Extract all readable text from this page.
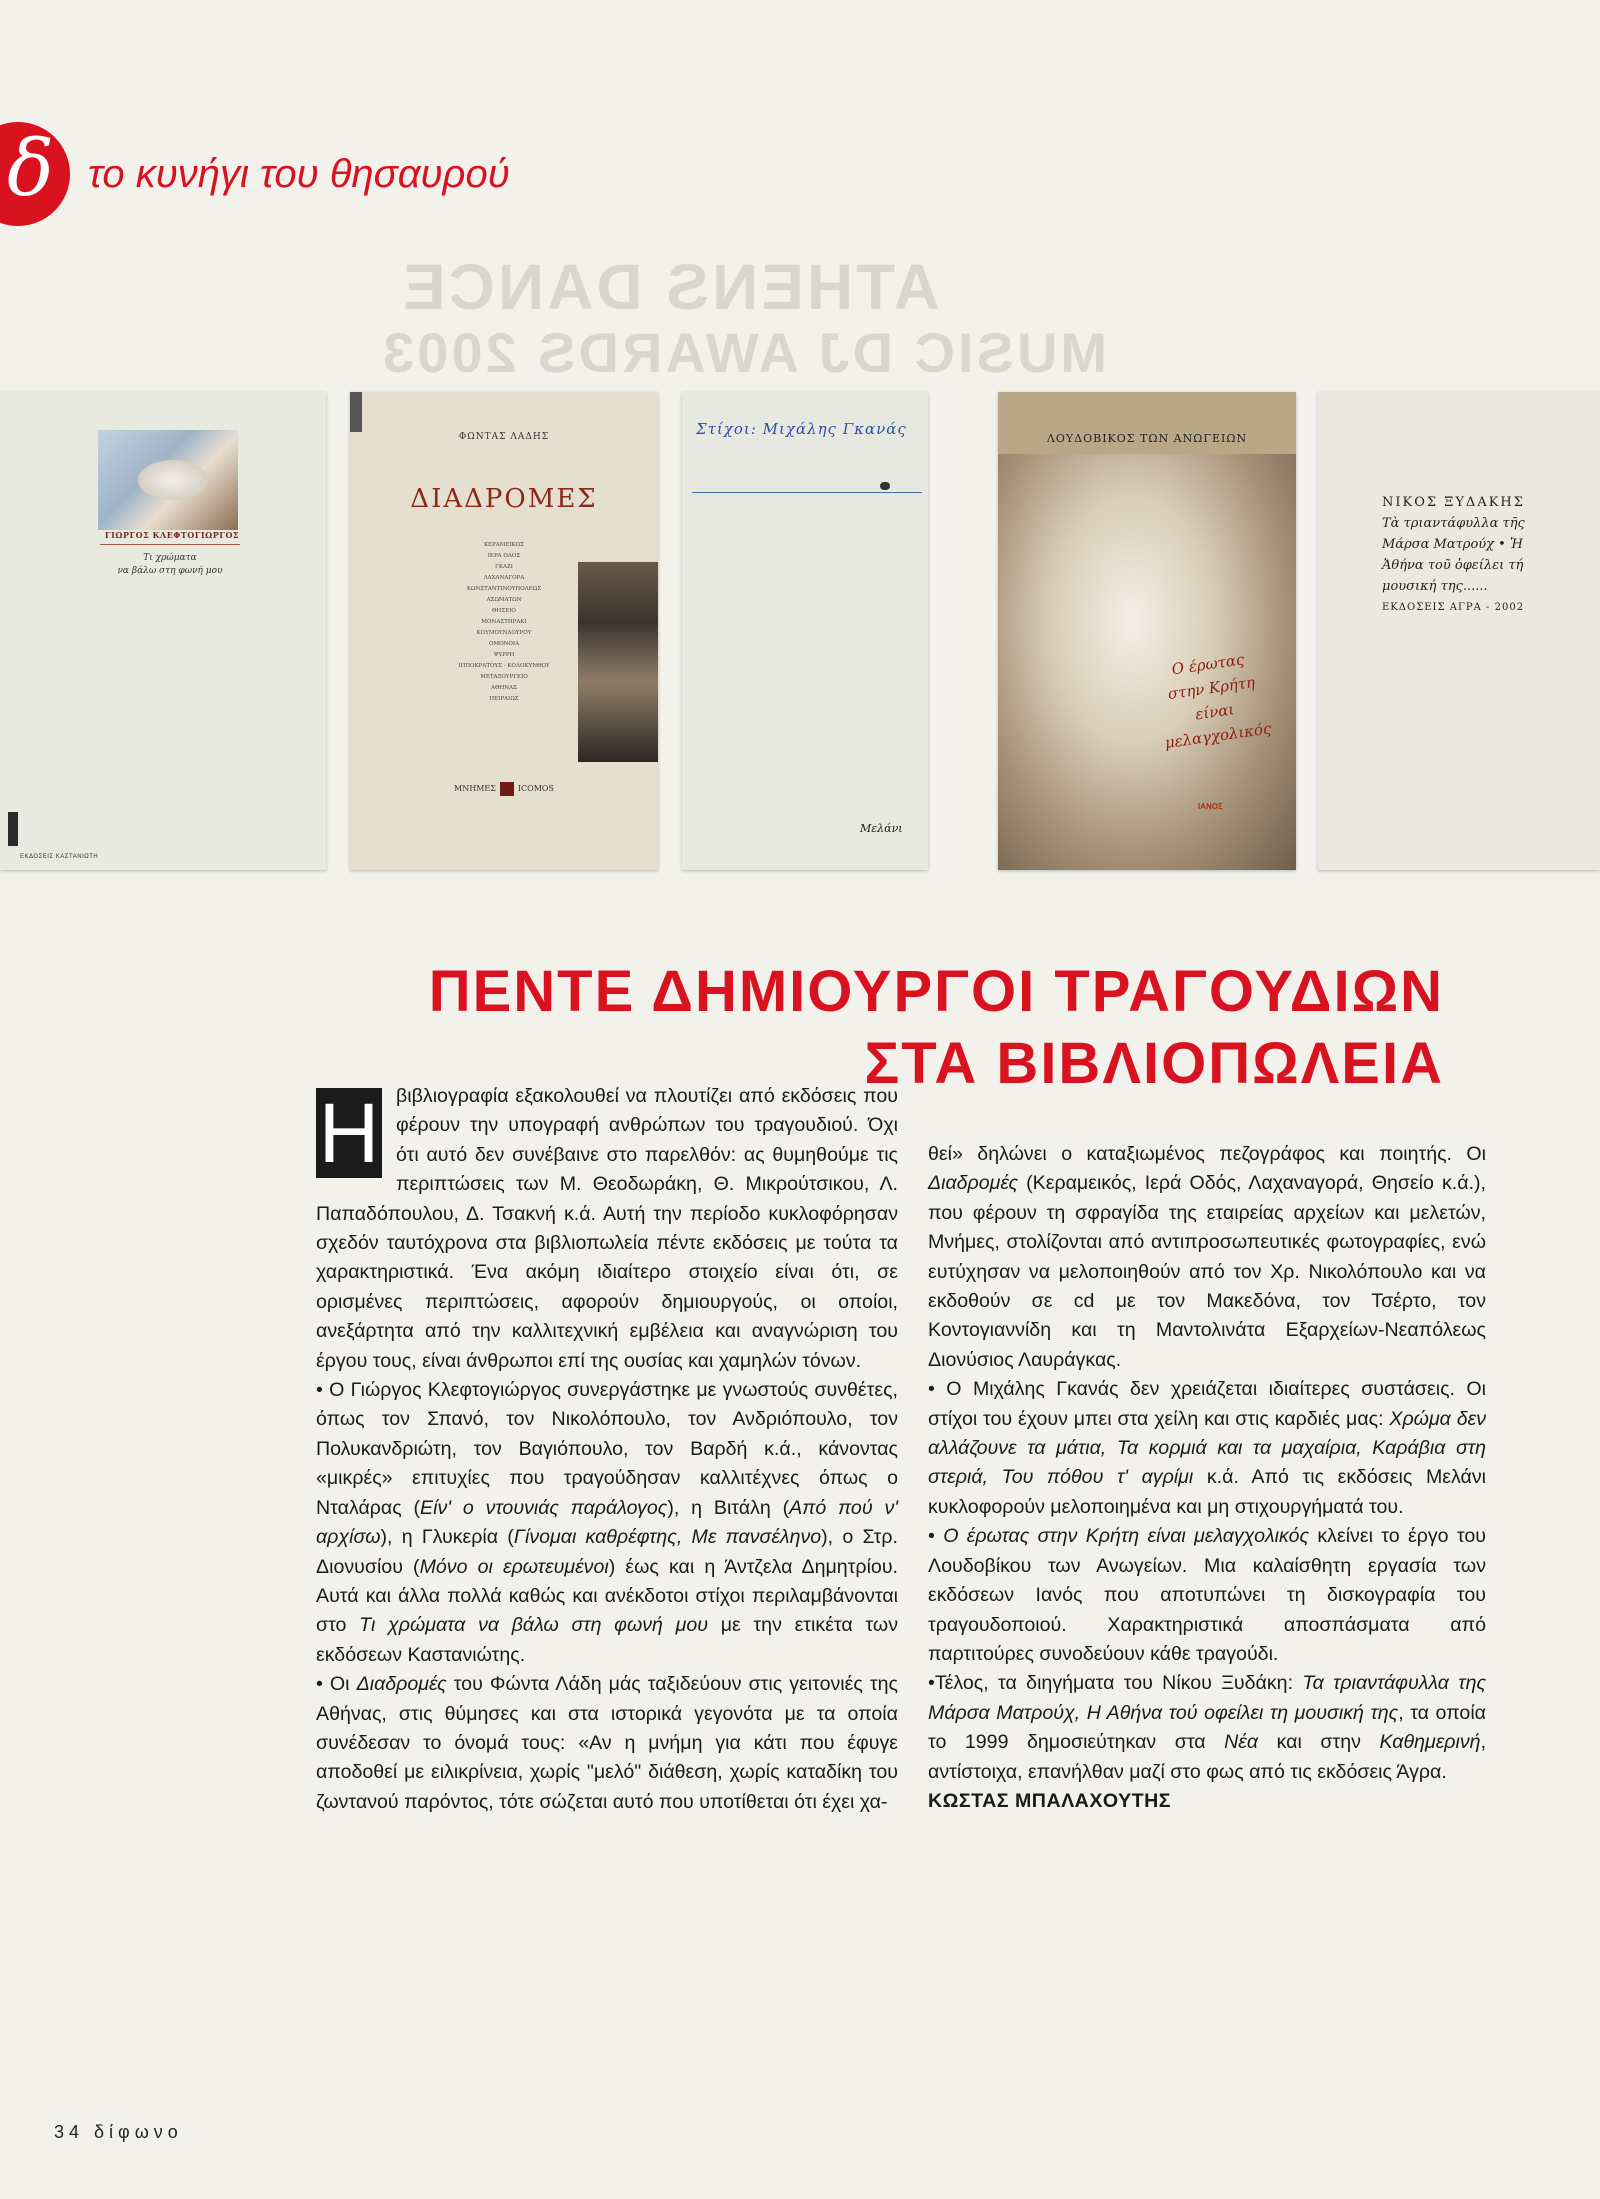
ATHENS DANCE
MUSIC DJ AWARDS 2003
δ το κυνήγι του θησαυρού
ΓΙΩΡΓΟΣ ΚΛΕΦΤΟΓΙΩΡΓΟΣ
Τι χρώματα
να βάλω στη φωνή μου
ΕΚΔΟΣΕΙΣ ΚΑΣΤΑΝΙΩΤΗ
ΦΩΝΤΑΣ ΛΑΔΗΣ
ΔΙΑΔΡΟΜΕΣ
ΚΕΡΑΜΕΙΚΟΣ
ΙΕΡΑ ΟΔΟΣ
ΓΚΑΖΙ
ΛΑΧΑΝΑΓΟΡΑ
ΚΩΝΣΤΑΝΤΙΝΟΥΠΟΛΕΩΣ
ΑΣΩΜΑΤΩΝ
ΘΗΣΕΙΟ
ΜΟΝΑΣΤΗΡΑΚΙ
ΚΟΥΜΟΥΝΔΟΥΡΟΥ
ΟΜΟΝΟΙΑ
ΨΥΡΡΗ
ΙΠΠΟΚΡΑΤΟΥΣ - ΚΟΛΟΚΥΝΘΟΥ
ΜΕΤΑΞΟΥΡΓΕΙΟ
ΑΘΗΝΑΣ
ΠΕΙΡΑΙΩΣ
ΜΝΗΜΕΣ	ICOMOS
Στίχοι: Μιχάλης Γκανάς
Μελάνι
ΛΟΥΔΟΒΙΚΟΣ ΤΩΝ ΑΝΩΓΕΙΩΝ
Ο έρωτας
στην Κρήτη
είναι μελαγχολικός
ΙΑΝΟΣ
ΝΙΚΟΣ ΞΥΔΑΚΗΣ
Τὰ τριαντάφυλλα τῆς
Μάρσα Ματρούχ • Ἡ
Ἀθήνα τοῦ ὀφείλει τή
μουσική της......
ΕΚΔΟΣΕΙΣ ΑΓΡΑ - 2002
ΠΕΝΤΕ ΔΗΜΙΟΥΡΓΟΙ ΤΡΑΓΟΥΔΙΩΝ
ΣΤΑ ΒΙΒΛΙΟΠΩΛΕΙΑ

Η βιβλιογραφία εξακολουθεί να πλουτίζει από εκδόσεις που φέρουν την υπογραφή ανθρώπων του τραγουδιού. Όχι ότι αυτό δεν συνέβαινε στο παρελθόν: ας θυμηθούμε τις περιπτώσεις των Μ. Θεοδωράκη, Θ. Μικρούτσικου, Λ. Παπαδόπουλου, Δ. Τσακνή κ.ά. Αυτή την περίοδο κυκλοφόρησαν σχεδόν ταυτόχρονα στα βιβλιοπωλεία πέντε εκδόσεις με τούτα τα χαρακτηριστικά. Ένα ακόμη ιδιαίτερο στοιχείο είναι ότι, σε ορισμένες περιπτώσεις, αφορούν δημιουργούς, οι οποίοι, ανεξάρτητα από την καλλιτεχνική εμβέλεια και αναγνώριση του έργου τους, είναι άνθρωποι επί της ουσίας και χαμηλών τόνων.

• Ο Γιώργος Κλεφτογιώργος συνεργάστηκε με γνωστούς συνθέτες, όπως τον Σπανό, τον Νικολόπουλο, τον Ανδριόπουλο, τον Πολυκανδριώτη, τον Βαγιόπουλο, τον Βαρδή κ.ά., κάνοντας «μικρές» επιτυχίες που τραγούδησαν καλλιτέχνες όπως ο Νταλάρας (Είν' ο ντουνιάς παράλογος), η Βιτάλη (Από πού ν' αρχίσω), η Γλυκερία (Γίνομαι καθρέφτης, Με πανσέληνο), ο Στρ. Διονυσίου (Μόνο οι ερωτευμένοι) έως και η Άντζελα Δημητρίου. Αυτά και άλλα πολλά καθώς και ανέκδοτοι στίχοι περιλαμβάνονται στο Τι χρώματα να βάλω στη φωνή μου με την ετικέτα των εκδόσεων Καστανιώτης.

• Οι Διαδρομές του Φώντα Λάδη μάς ταξιδεύουν στις γειτονιές της Αθήνας, στις θύμησες και στα ιστορικά γεγονότα με τα οποία συνέδεσαν το όνομά τους: «Αν η μνήμη για κάτι που έφυγε αποδοθεί με ειλικρίνεια, χωρίς "μελό" διάθεση, χωρίς καταδίκη του ζωντανού παρόντος, τότε σώζεται αυτό που υποτίθεται ότι έχει χα-

θεί» δηλώνει ο καταξιωμένος πεζογράφος και ποιητής. Οι Διαδρομές (Κεραμεικός, Ιερά Οδός, Λαχαναγορά, Θησείο κ.ά.), που φέρουν τη σφραγίδα της εταιρείας αρχείων και μελετών, Μνήμες, στολίζονται από αντιπροσωπευτικές φωτογραφίες, ενώ ευτύχησαν να μελοποιηθούν από τον Χρ. Νικολόπουλο και να εκδοθούν σε cd με τον Μακεδόνα, τον Τσέρτο, τον Κοντογιαννίδη και τη Μαντολινάτα Εξαρχείων-Νεαπόλεως Διονύσιος Λαυράγκας.

• Ο Μιχάλης Γκανάς δεν χρειάζεται ιδιαίτερες συστάσεις. Οι στίχοι του έχουν μπει στα χείλη και στις καρδιές μας: Χρώμα δεν αλλάζουνε τα μάτια, Τα κορμιά και τα μαχαίρια, Καράβια στη στεριά, Του πόθου τ' αγρίμι κ.ά. Από τις εκδόσεις Μελάνι κυκλοφορούν μελοποιημένα και μη στιχουργήματά του.

• Ο έρωτας στην Κρήτη είναι μελαγχολικός κλείνει το έργο του Λουδοβίκου των Ανωγείων. Μια καλαίσθητη εργασία των εκδόσεων Ιανός που αποτυπώνει τη δισκογραφία του τραγουδοποιού. Χαρακτηριστικά αποσπάσματα από παρτιτούρες συνοδεύουν κάθε τραγούδι.

•Τέλος, τα διηγήματα του Νίκου Ξυδάκη: Τα τριαντάφυλλα της Μάρσα Ματρούχ, Η Αθήνα τού οφείλει τη μουσική της, τα οποία το 1999 δημοσιεύτηκαν στα Νέα και στην Καθημερινή, αντίστοιχα, επανήλθαν μαζί στο φως από τις εκδόσεις Άγρα.

ΚΩΣΤΑΣ ΜΠΑΛΑΧΟΥΤΗΣ

34 δίφωνο
